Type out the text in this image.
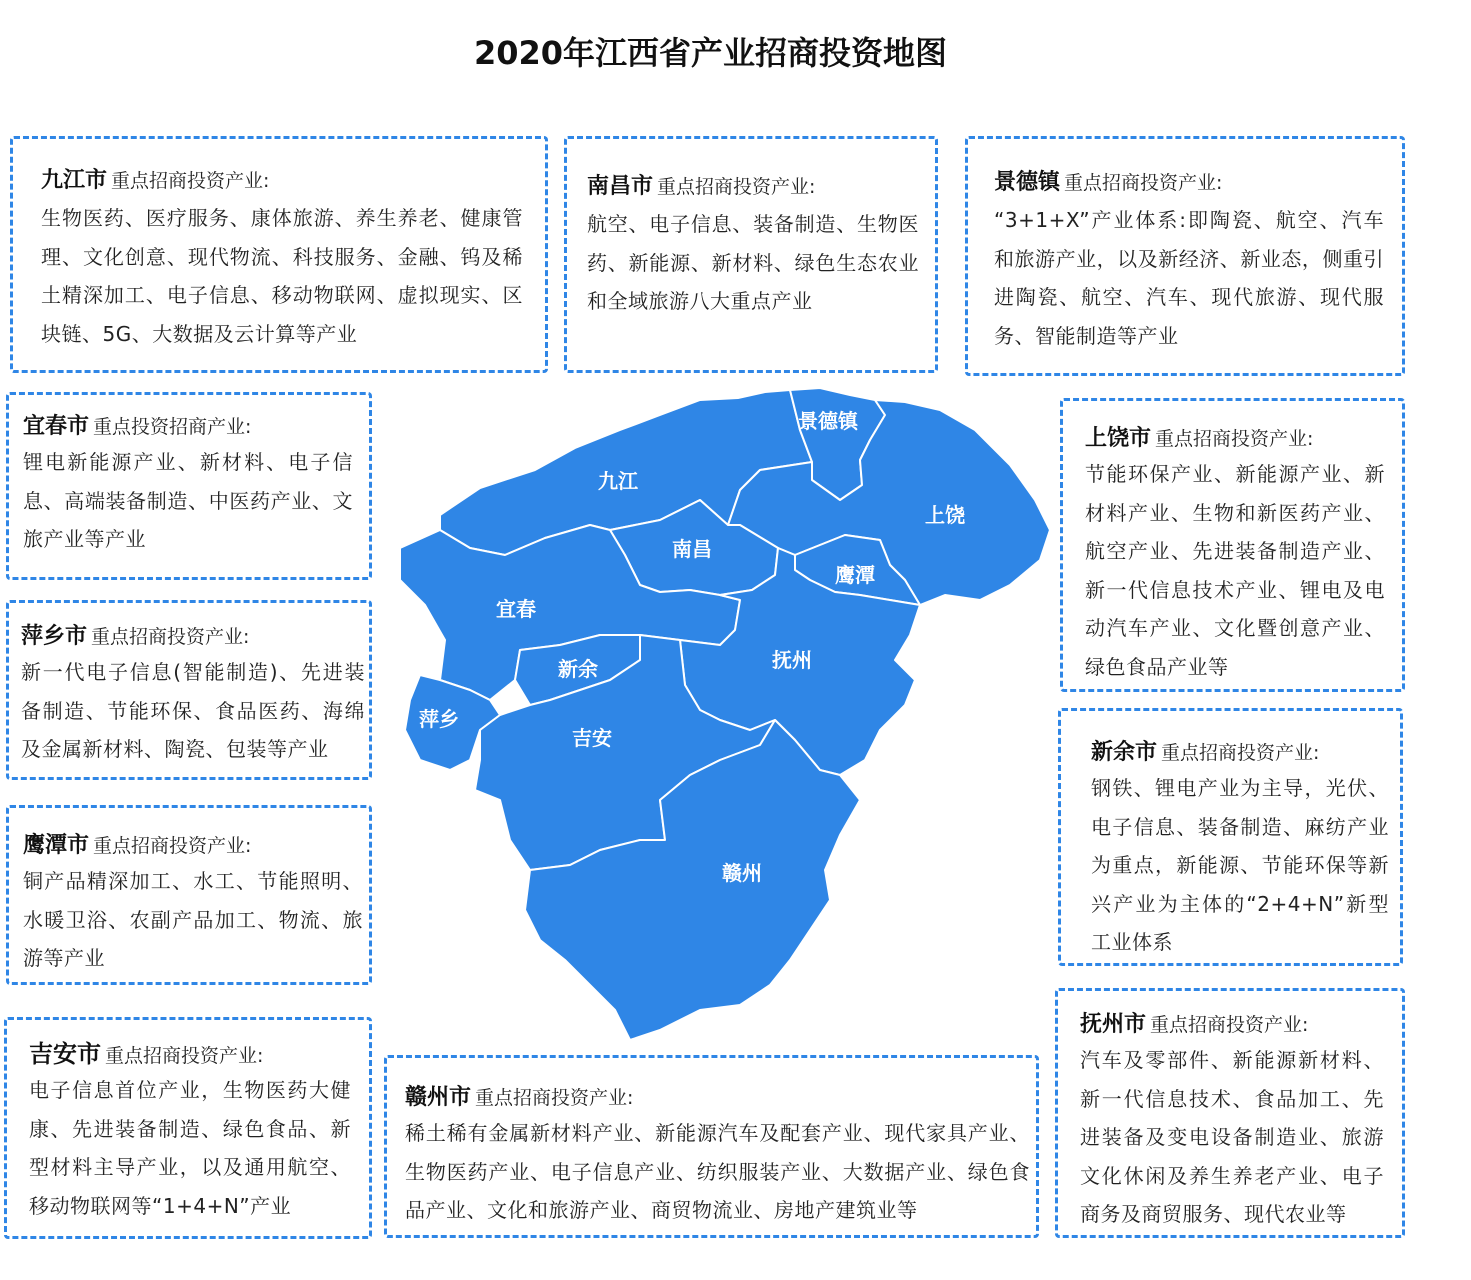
2020年江西省产业招商投资地图
九江
景德镇
上饶
南昌
鹰潭
宜春
新余	抚州
萍乡
吉安
赣州
九江市 重点招商投资产业:
生物医药、医疗服务、康体旅游、养生养老、健康管理、文化创意、现代物流、科技服务、金融、钨及稀土精深加工、电子信息、移动物联网、虚拟现实、区块链、5G、大数据及云计算等产业
南昌市 重点招商投资产业:
航空、电子信息、装备制造、生物医药、新能源、新材料、绿色生态农业和全域旅游八大重点产业
景德镇 重点招商投资产业:
“3+1+X”产业体系:即陶瓷、航空、汽车和旅游产业，以及新经济、新业态，侧重引进陶瓷、航空、汽车、现代旅游、现代服务、智能制造等产业
宜春市 重点投资招商产业:
锂电新能源产业、新材料、电子信息、高端装备制造、中医药产业、文旅产业等产业
上饶市 重点招商投资产业:
节能环保产业、新能源产业、新材料产业、生物和新医药产业、航空产业、先进装备制造产业、新一代信息技术产业、锂电及电动汽车产业、文化暨创意产业、绿色食品产业等
萍乡市 重点招商投资产业:
新一代电子信息(智能制造)、先进装备制造、节能环保、食品医药、海绵及金属新材料、陶瓷、包装等产业	新余市 重点招商投资产业:
钢铁、锂电产业为主导，光伏、电子信息、装备制造、麻纺产业为重点，新能源、节能环保等新兴产业为主体的“2+4+N”新型工业体系
鹰潭市 重点招商投资产业:
铜产品精深加工、水工、节能照明、水暖卫浴、农副产品加工、物流、旅游等产业
抚州市 重点招商投资产业:
汽车及零部件、新能源新材料、新一代信息技术、食品加工、先进装备及变电设备制造业、旅游文化休闲及养生养老产业、电子商务及商贸服务、现代农业等
吉安市 重点招商投资产业:
电子信息首位产业，生物医药大健康、先进装备制造、绿色食品、新型材料主导产业，以及通用航空、移动物联网等“1+4+N”产业
赣州市 重点招商投资产业:
稀土稀有金属新材料产业、新能源汽车及配套产业、现代家具产业、生物医药产业、电子信息产业、纺织服装产业、大数据产业、绿色食品产业、文化和旅游产业、商贸物流业、房地产建筑业等
